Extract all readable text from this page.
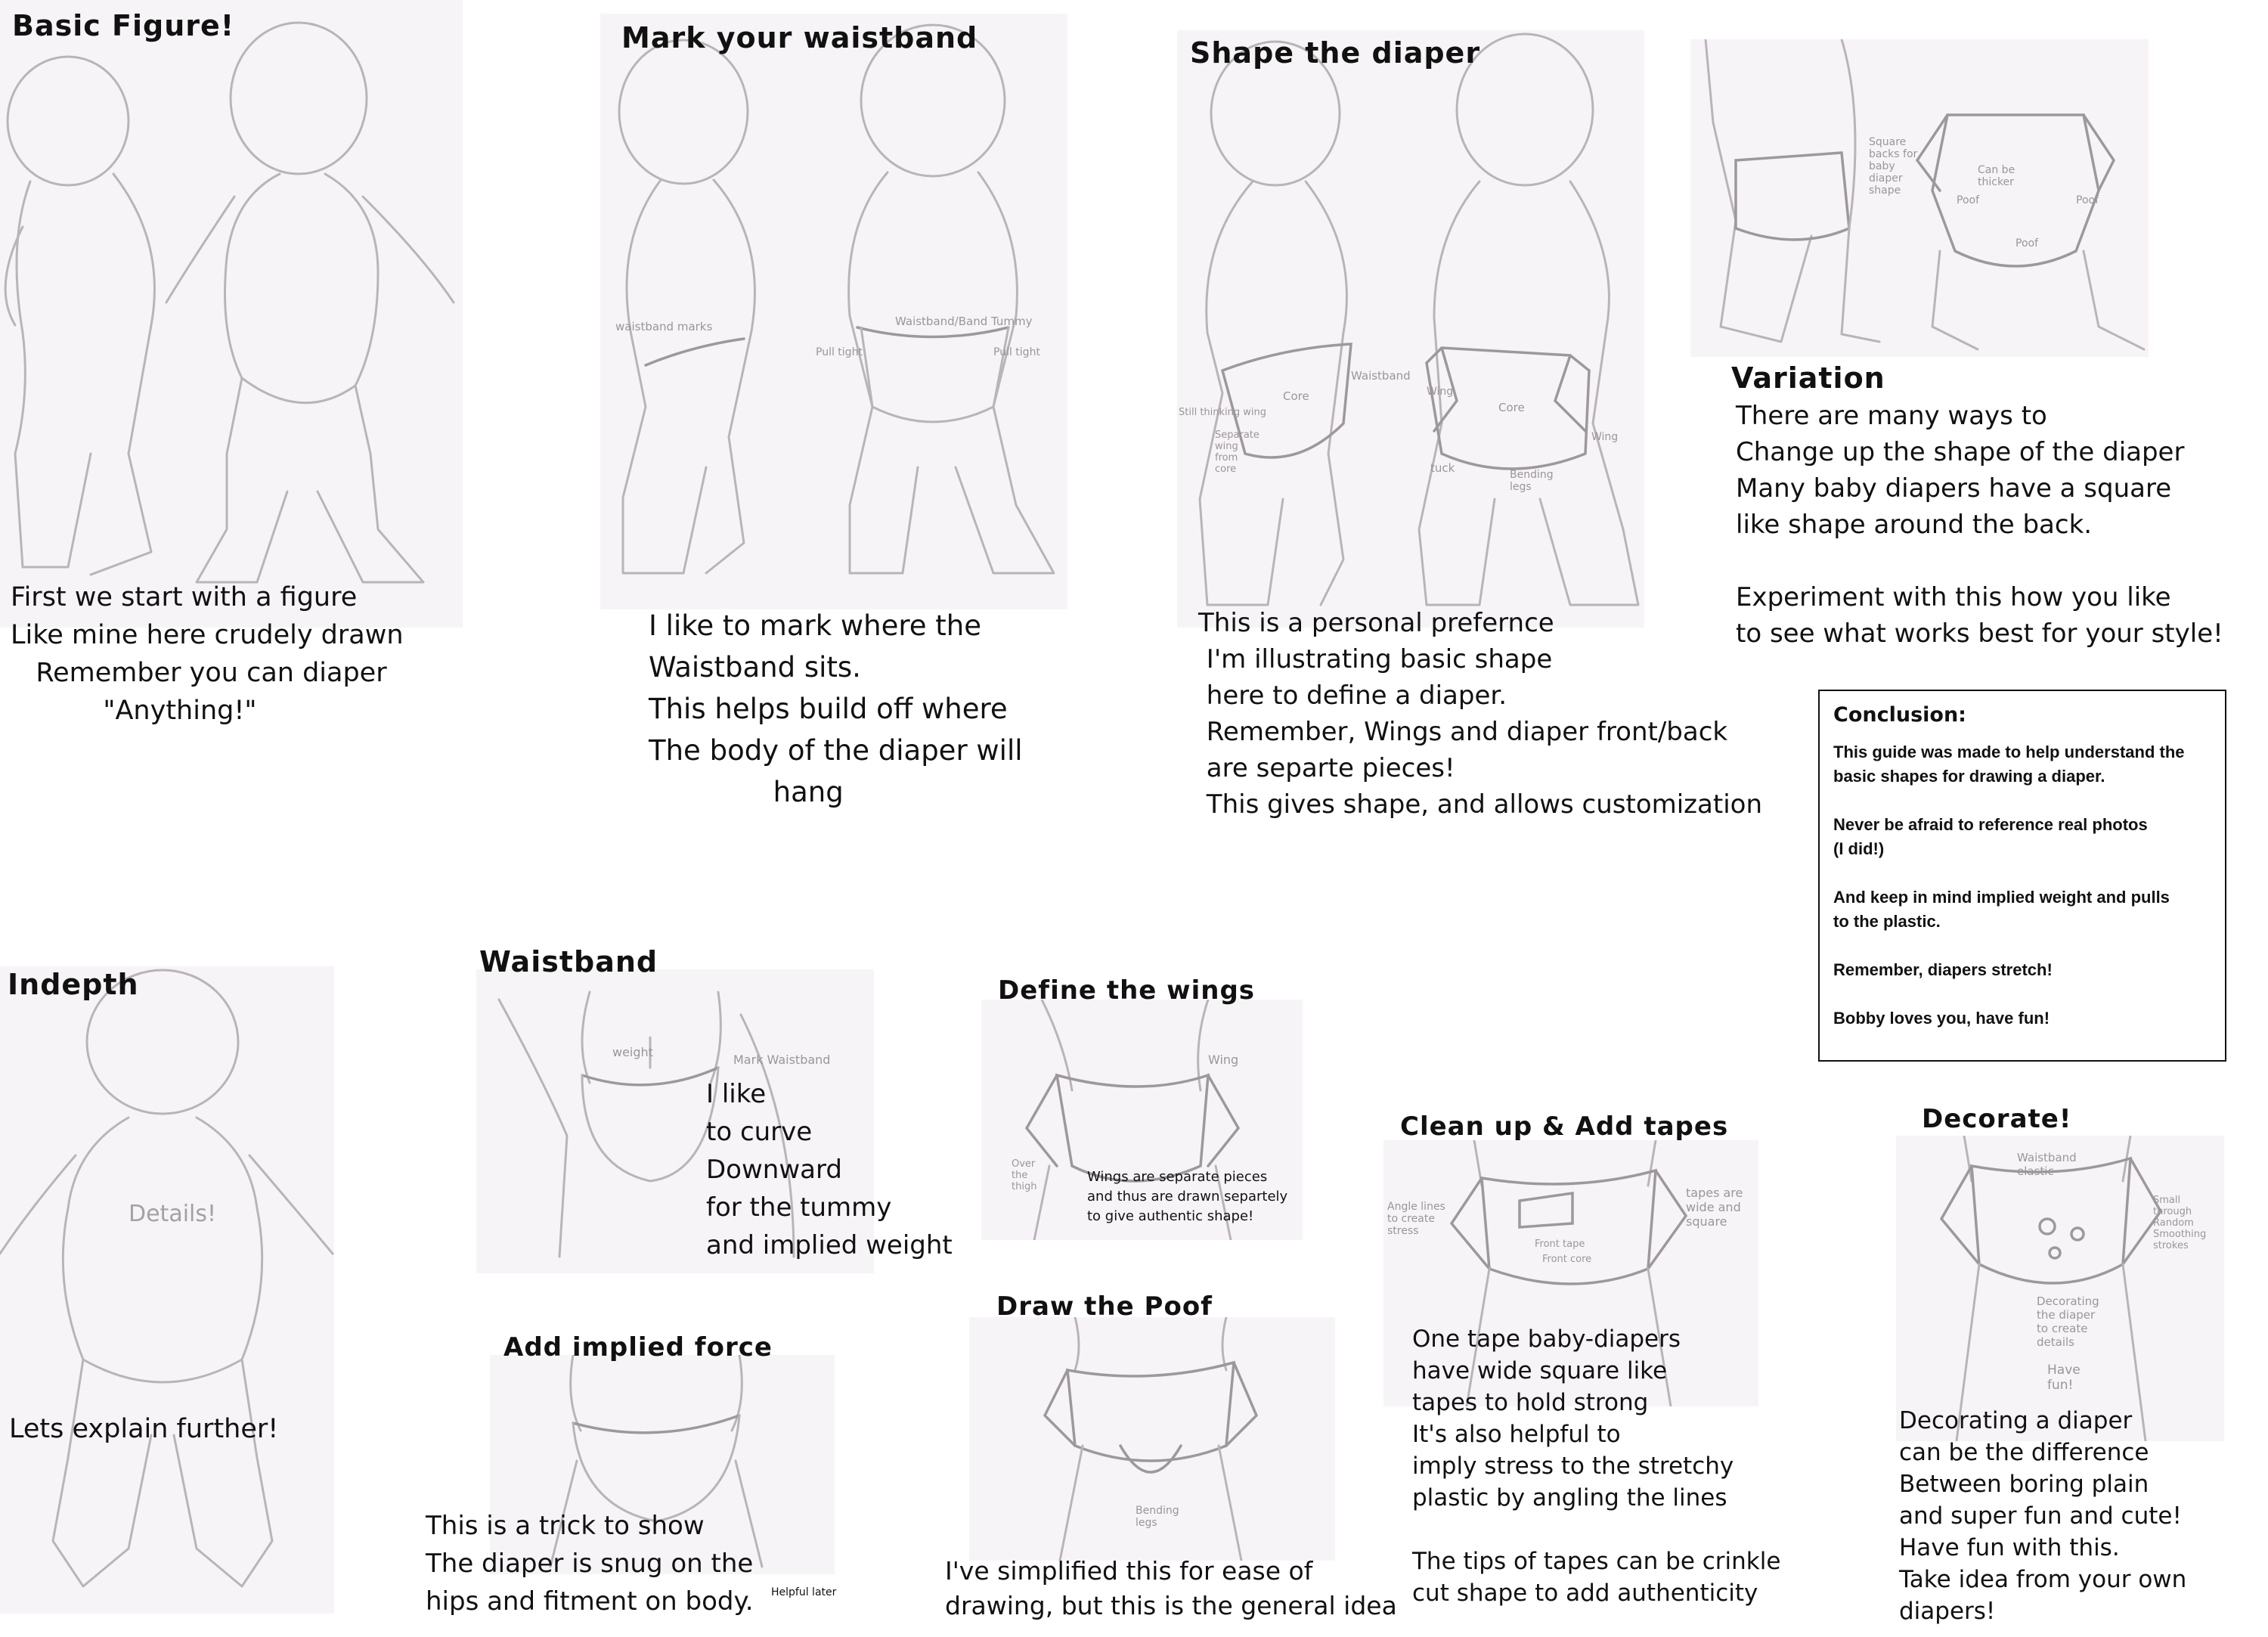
Basic Figure!
First we start with a figure
Like mine here crudely drawn
Remember you can diaper
"Anything!"
waistband marks	Waistband/Band Tummy
Pull tight	Pull tight
Mark your waistband
I like to mark where the
Waistband sits.
This helps build off where
The body of the diaper will
hang
Still thinking wing
Separate wing from core
Core
Waistband
Wing
Core
Wing
tuck	Bending legs
Shape the diaper
This is a personal prefernce
I'm illustrating basic shape
here to define a diaper.
Remember, Wings and diaper front/back
are separte pieces!
This gives shape, and allows customization
Square backs for baby diaper shape
Can be thicker
Poof	Poof
Poof
Variation
There are many ways to
Change up the shape of the diaper
Many baby diapers have a square
like shape around the back.

Experiment with this how you like
to see what works best for your style!
Conclusion:
This guide was made to help understand the
basic shapes for drawing a diaper.

Never be afraid to reference real photos
(I did!)

And keep in mind implied weight and pulls
to the plastic.

Remember, diapers stretch!

Bobby loves you, have fun!
Details!
Indepth
Lets explain further!
Mark Waistband
weight
Waistband
I like
to curve
Downward
for the tummy
and implied weight
Add implied force
This is a trick to show
The diaper is snug on the
hips and fitment on body. Helpful later
Wing
Over the thigh
Wings are separate pieces
and thus are drawn separtely
to give authentic shape!
Define the wings
Bending legs
Draw the Poof
I've simplified this for ease of
drawing, but this is the general idea
Angle lines to create stress
tapes are wide and square
Front tape
Front core
Clean up & Add tapes
One tape baby-diapers
have wide square like
tapes to hold strong
It's also helpful to
imply stress to the stretchy
plastic by angling the lines

The tips of tapes can be crinkle
cut shape to add authenticity
Waistband elastic
Small through Random Smoothing strokes
Decorating the diaper to create details
Have fun!
Decorate!
Decorating a diaper
can be the difference
Between boring plain
and super fun and cute!
Have fun with this.
Take idea from your own
diapers!
